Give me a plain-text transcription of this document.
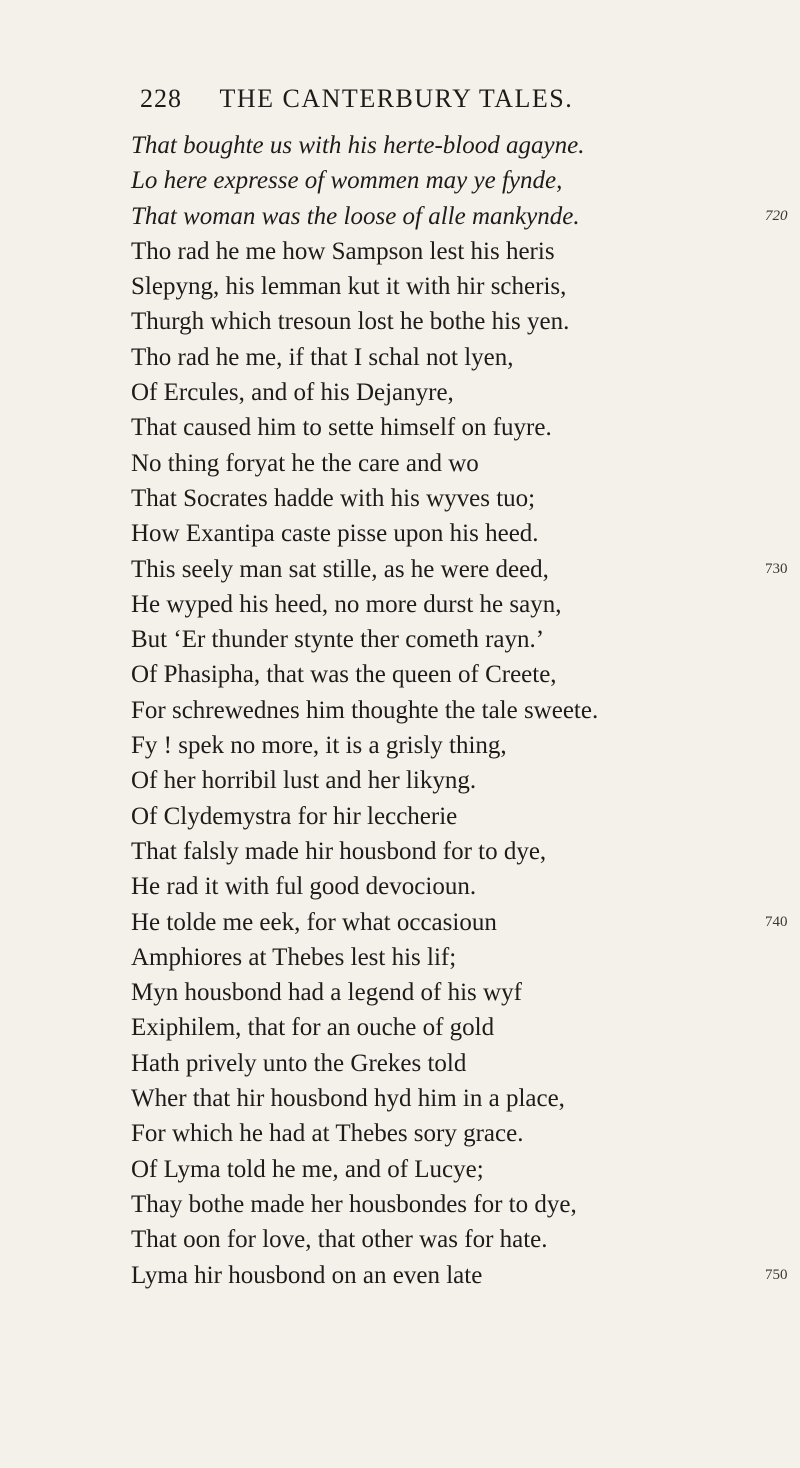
228 THE CANTERBURY TALES.
That boughte us with his herte-blood agayne.
Lo here expresse of wommen may ye fynde,
That woman was the loose of alle mankynde.	720
Tho rad he me how Sampson lest his heris
Slepyng, his lemman kut it with hir scheris,
Thurgh which tresoun lost he bothe his yen.
Tho rad he me, if that I schal not lyen,
Of Ercules, and of his Dejanyre,
That caused him to sette himself on fuyre.
No thing foryat he the care and wo
That Socrates hadde with his wyves tuo;
How Exantipa caste pisse upon his heed.
This seely man sat stille, as he were deed,	730
He wyped his heed, no more durst he sayn,
But ‘Er thunder stynte ther cometh rayn.’
Of Phasipha, that was the queen of Creete,
For schrewednes him thoughte the tale sweete.
Fy ! spek no more, it is a grisly thing,
Of her horribil lust and her likyng.
Of Clydemystra for hir leccherie
That falsly made hir housbond for to dye,
He rad it with ful good devocioun.
He tolde me eek, for what occasioun	740
Amphiores at Thebes lest his lif;
Myn housbond had a legend of his wyf
Exiphilem, that for an ouche of gold
Hath prively unto the Grekes told
Wher that hir housbond hyd him in a place,
For which he had at Thebes sory grace.
Of Lyma told he me, and of Lucye;
Thay bothe made her housbondes for to dye,
That oon for love, that other was for hate.
Lyma hir housbond on an even late	750
